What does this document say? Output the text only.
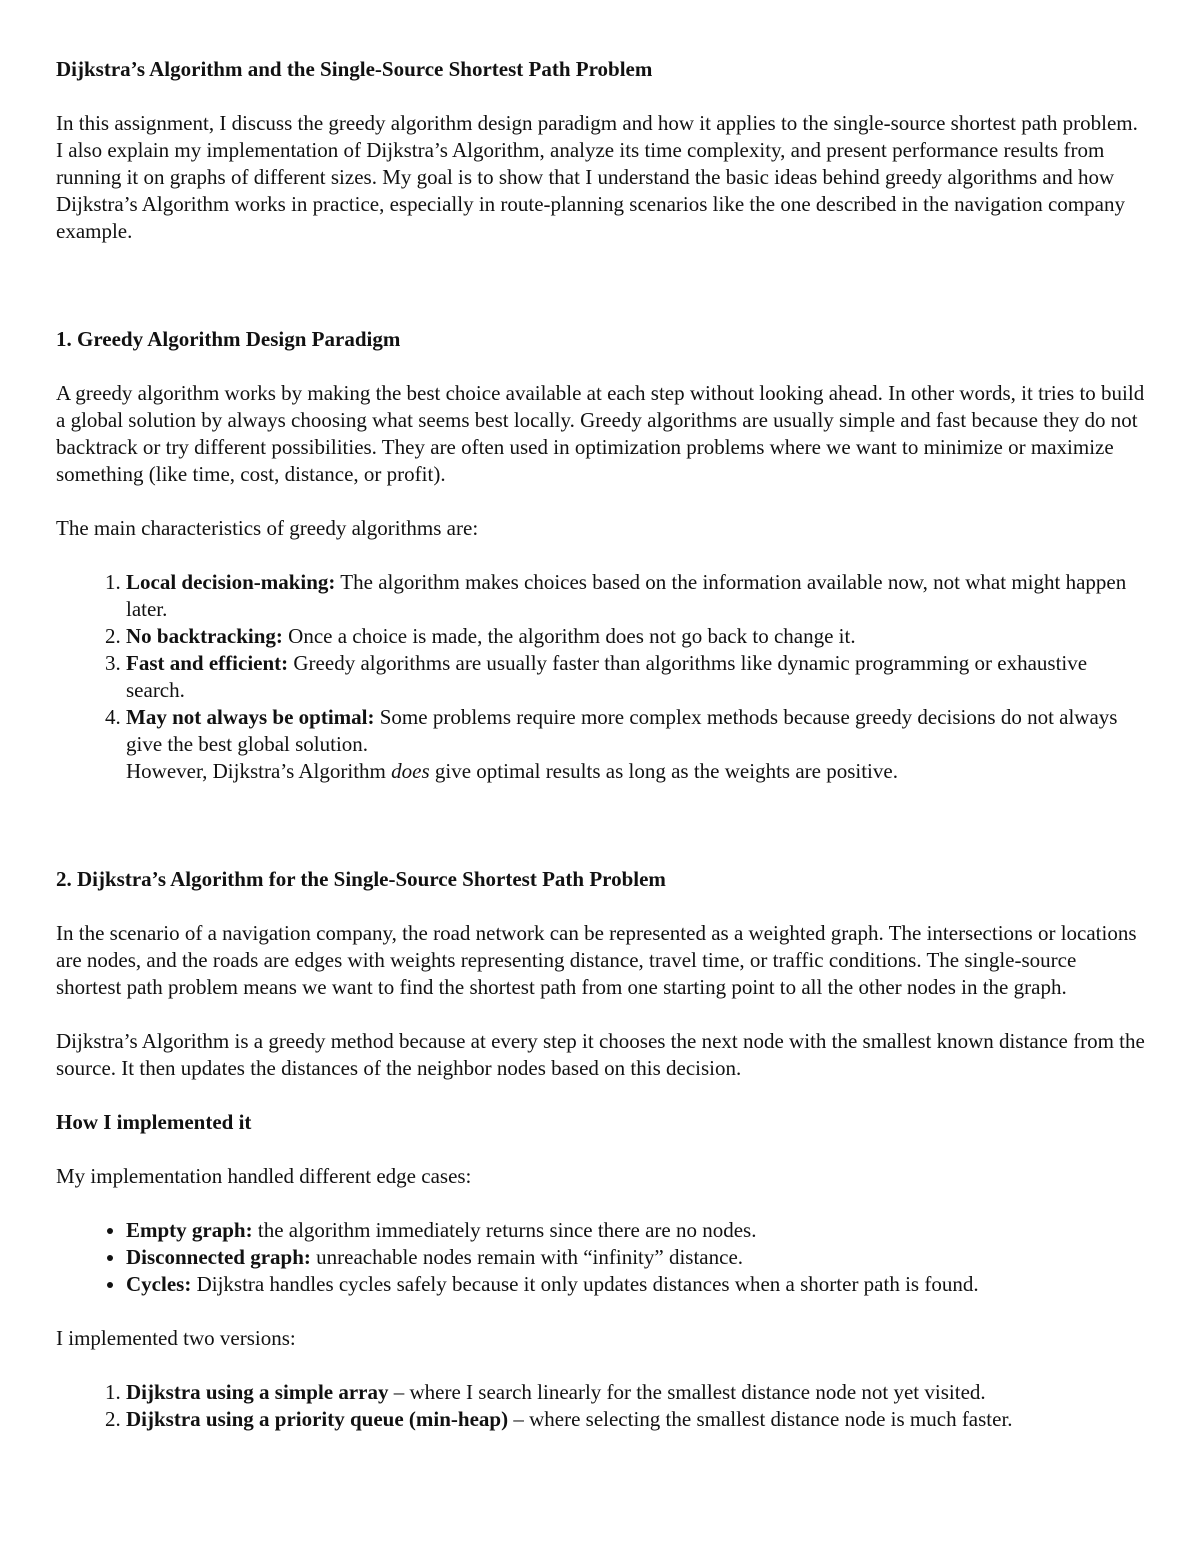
Dijkstra’s Algorithm and the Single-Source Shortest Path Problem

In this assignment, I discuss the greedy algorithm design paradigm and how it applies to the single-source shortest path problem. I also explain my implementation of Dijkstra’s Algorithm, analyze its time complexity, and present performance results from running it on graphs of different sizes. My goal is to show that I understand the basic ideas behind greedy algorithms and how Dijkstra’s Algorithm works in practice, especially in route-planning scenarios like the one described in the navigation company example.

1. Greedy Algorithm Design Paradigm

A greedy algorithm works by making the best choice available at each step without looking ahead. In other words, it tries to build a global solution by always choosing what seems best locally. Greedy algorithms are usually simple and fast because they do not backtrack or try different possibilities. They are often used in optimization problems where we want to minimize or maximize something (like time, cost, distance, or profit).

The main characteristics of greedy algorithms are:

1. Local decision-making: The algorithm makes choices based on the information available now, not what might happen later.
2. No backtracking: Once a choice is made, the algorithm does not go back to change it.
3. Fast and efficient: Greedy algorithms are usually faster than algorithms like dynamic programming or exhaustive search.
4. May not always be optimal: Some problems require more complex methods because greedy decisions do not always give the best global solution.
However, Dijkstra’s Algorithm does give optimal results as long as the weights are positive.
2. Dijkstra’s Algorithm for the Single-Source Shortest Path Problem

In the scenario of a navigation company, the road network can be represented as a weighted graph. The intersections or locations are nodes, and the roads are edges with weights representing distance, travel time, or traffic conditions. The single-source shortest path problem means we want to find the shortest path from one starting point to all the other nodes in the graph.

Dijkstra’s Algorithm is a greedy method because at every step it chooses the next node with the smallest known distance from the source. It then updates the distances of the neighbor nodes based on this decision.

How I implemented it

My implementation handled different edge cases:

• Empty graph: the algorithm immediately returns since there are no nodes.
• Disconnected graph: unreachable nodes remain with “infinity” distance.
• Cycles: Dijkstra handles cycles safely because it only updates distances when a shorter path is found.

I implemented two versions:

1. Dijkstra using a simple array – where I search linearly for the smallest distance node not yet visited.
2. Dijkstra using a priority queue (min-heap) – where selecting the smallest distance node is much faster.
